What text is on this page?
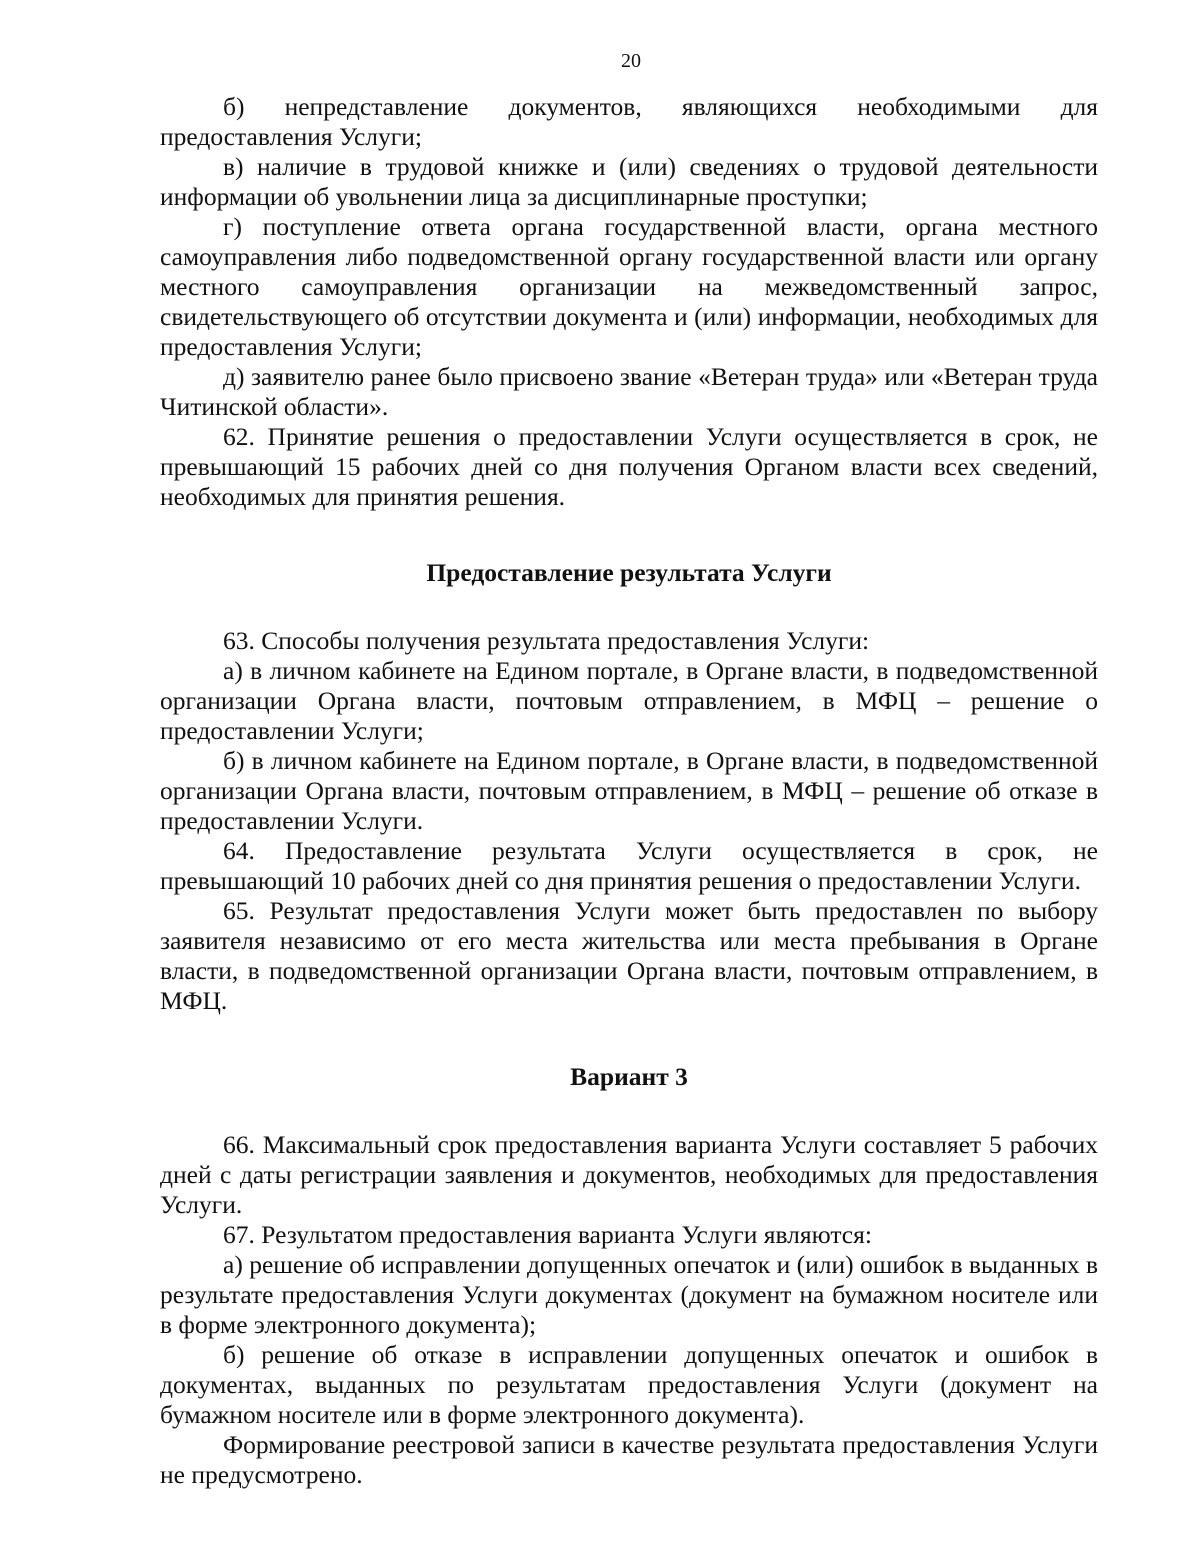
20

б) непредставление документов, являющихся необходимыми для предоставления Услуги;

в) наличие в трудовой книжке и (или) сведениях о трудовой деятельности информации об увольнении лица за дисциплинарные проступки;

г) поступление ответа органа государственной власти, органа местного самоуправления либо подведомственной органу государственной власти или органу местного самоуправления организации на межведомственный запрос, свидетельствующего об отсутствии документа и (или) информации, необходимых для предоставления Услуги;

д) заявителю ранее было присвоено звание «Ветеран труда» или «Ветеран труда Читинской области».

62. Принятие решения о предоставлении Услуги осуществляется в срок, не превышающий 15 рабочих дней со дня получения Органом власти всех сведений, необходимых для принятия решения.

Предоставление результата Услуги

63. Способы получения результата предоставления Услуги:

а) в личном кабинете на Едином портале, в Органе власти, в подведомственной организации Органа власти, почтовым отправлением, в МФЦ – решение о предоставлении Услуги;

б) в личном кабинете на Едином портале, в Органе власти, в подведомственной организации Органа власти, почтовым отправлением, в МФЦ – решение об отказе в предоставлении Услуги.

64. Предоставление результата Услуги осуществляется в срок, не превышающий 10 рабочих дней со дня принятия решения о предоставлении Услуги.

65. Результат предоставления Услуги может быть предоставлен по выбору заявителя независимо от его места жительства или места пребывания в Органе власти, в подведомственной организации Органа власти, почтовым отправлением, в МФЦ.

Вариант 3

66. Максимальный срок предоставления варианта Услуги составляет 5 рабочих дней с даты регистрации заявления и документов, необходимых для предоставления Услуги.

67. Результатом предоставления варианта Услуги являются:

а) решение об исправлении допущенных опечаток и (или) ошибок в выданных в результате предоставления Услуги документах (документ на бумажном носителе или в форме электронного документа);

б) решение об отказе в исправлении допущенных опечаток и ошибок в документах, выданных по результатам предоставления Услуги (документ на бумажном носителе или в форме электронного документа).

Формирование реестровой записи в качестве результата предоставления Услуги не предусмотрено.
